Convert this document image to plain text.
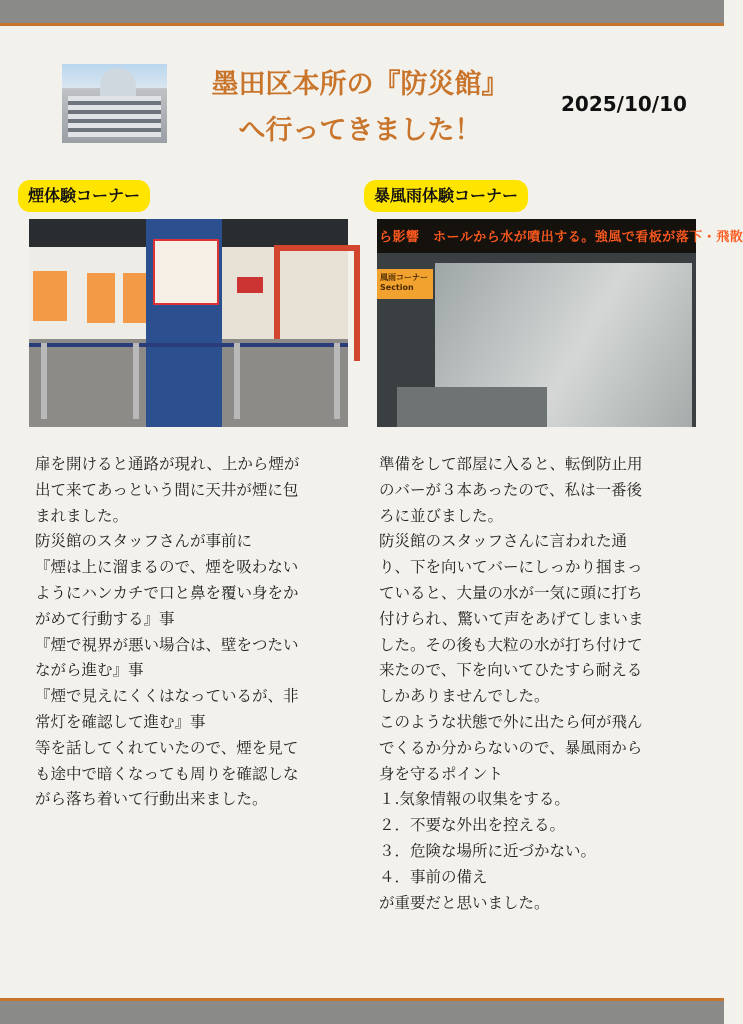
墨田区本所の『防災館』
へ行ってきました！
2025/10/10
煙体験コーナー	暴風雨体験コーナー
ら影響　ホールから水が噴出する。強風で看板が落下・飛散
風雨コーナー Section
扉を開けると通路が現れ、上から煙が
出て来てあっという間に天井が煙に包
まれました。
防災館のスタッフさんが事前に
『煙は上に溜まるので、煙を吸わない
ようにハンカチで口と鼻を覆い身をか
がめて行動する』事
『煙で視界が悪い場合は、壁をつたい
ながら進む』事
『煙で見えにくくはなっているが、非
常灯を確認して進む』事
等を話してくれていたので、煙を見て
も途中で暗くなっても周りを確認しな
がら落ち着いて行動出来ました。
準備をして部屋に入ると、転倒防止用
のバーが３本あったので、私は一番後
ろに並びました。
防災館のスタッフさんに言われた通
り、下を向いてバーにしっかり掴まっ
ていると、大量の水が一気に頭に打ち
付けられ、驚いて声をあげてしまいま
した。その後も大粒の水が打ち付けて
来たので、下を向いてひたすら耐える
しかありませんでした。
このような状態で外に出たら何が飛ん
でくるか分からないので、暴風雨から
身を守るポイント
１.気象情報の収集をする。
２．不要な外出を控える。
３．危険な場所に近づかない。
４．事前の備え
が重要だと思いました。
